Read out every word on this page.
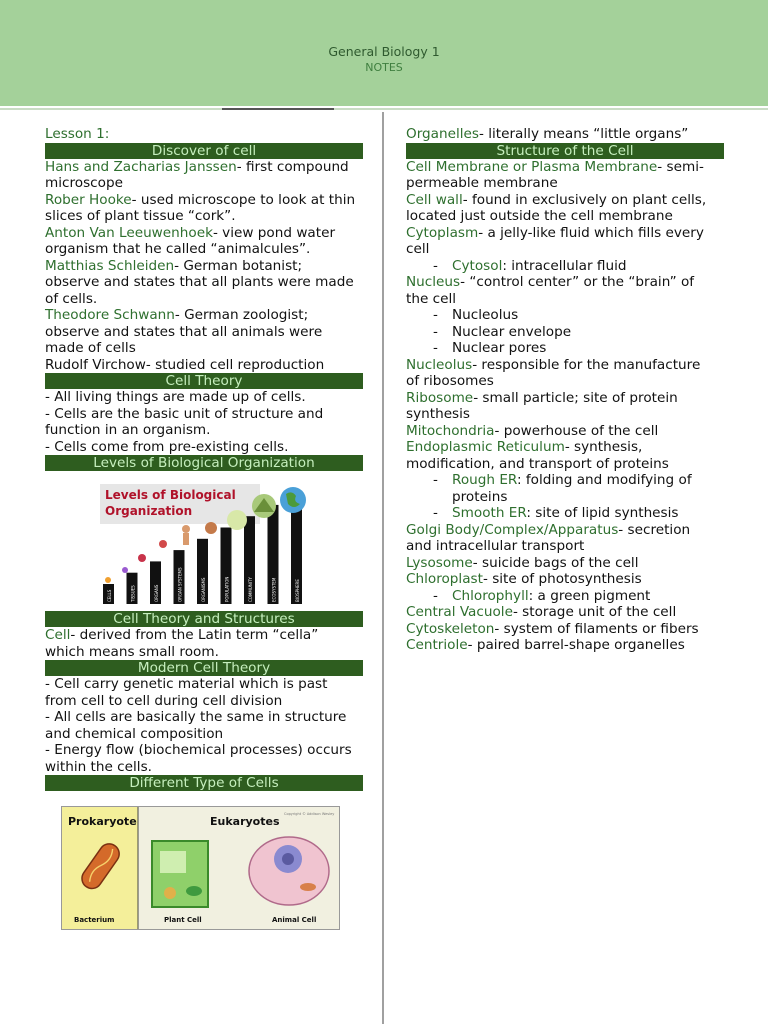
General Biology 1
NOTES
Lesson 1:
Discover of cell
Hans and Zacharias Janssen- first compound
microscope
Rober Hooke- used microscope to look at thin
slices of plant tissue “cork”.
Anton Van Leeuwenhoek- view pond water
organism that he called “animalcules”.
Matthias Schleiden- German botanist;
observe and states that all plants were made
of cells.
Theodore Schwann- German zoologist;
observe and states that all animals were
made of cells
Rudolf Virchow- studied cell reproduction
Cell Theory
- All living things are made up of cells.
- Cells are the basic unit of structure and
function in an organism.
- Cells come from pre-existing cells.
Levels of Biological Organization
Cell Theory and Structures
Cell- derived from the Latin term “cella”
which means small room.
Modern Cell Theory
- Cell carry genetic material which is past
from cell to cell during cell division
- All cells are basically the same in structure
and chemical composition
- Energy flow (biochemical processes) occurs
within the cells.
Different Type of Cells
Levels of Biological
Organization
CELLS	TISSUES	ORGANS	ORGAN SYSTEMS	ORGANISMS	POPULATION	COMMUNITY	ECOSYSTEM	BIOSPHERE
Prokaryote	Eukaryotes
Copyright © Addison Wesley
Bacterium	Plant Cell	Animal Cell
Organelles- literally means “little organs”
Structure of the Cell
Cell Membrane or Plasma Membrane- semi-
permeable membrane
Cell wall- found in exclusively on plant cells,
located just outside the cell membrane
Cytoplasm- a jelly-like fluid which fills every
cell
- Cytosol: intracellular fluid
Nucleus- “control center” or the “brain” of
the cell
- Nucleolus
- Nuclear envelope
- Nuclear pores
Nucleolus- responsible for the manufacture
of ribosomes
Ribosome- small particle; site of protein
synthesis
Mitochondria- powerhouse of the cell
Endoplasmic Reticulum- synthesis,
modification, and transport of proteins
- Rough ER: folding and modifying of
proteins
- Smooth ER: site of lipid synthesis
Golgi Body/Complex/Apparatus- secretion
and intracellular transport
Lysosome- suicide bags of the cell
Chloroplast- site of photosynthesis
- Chlorophyll: a green pigment
Central Vacuole- storage unit of the cell
Cytoskeleton- system of filaments or fibers
Centriole- paired barrel-shape organelles
